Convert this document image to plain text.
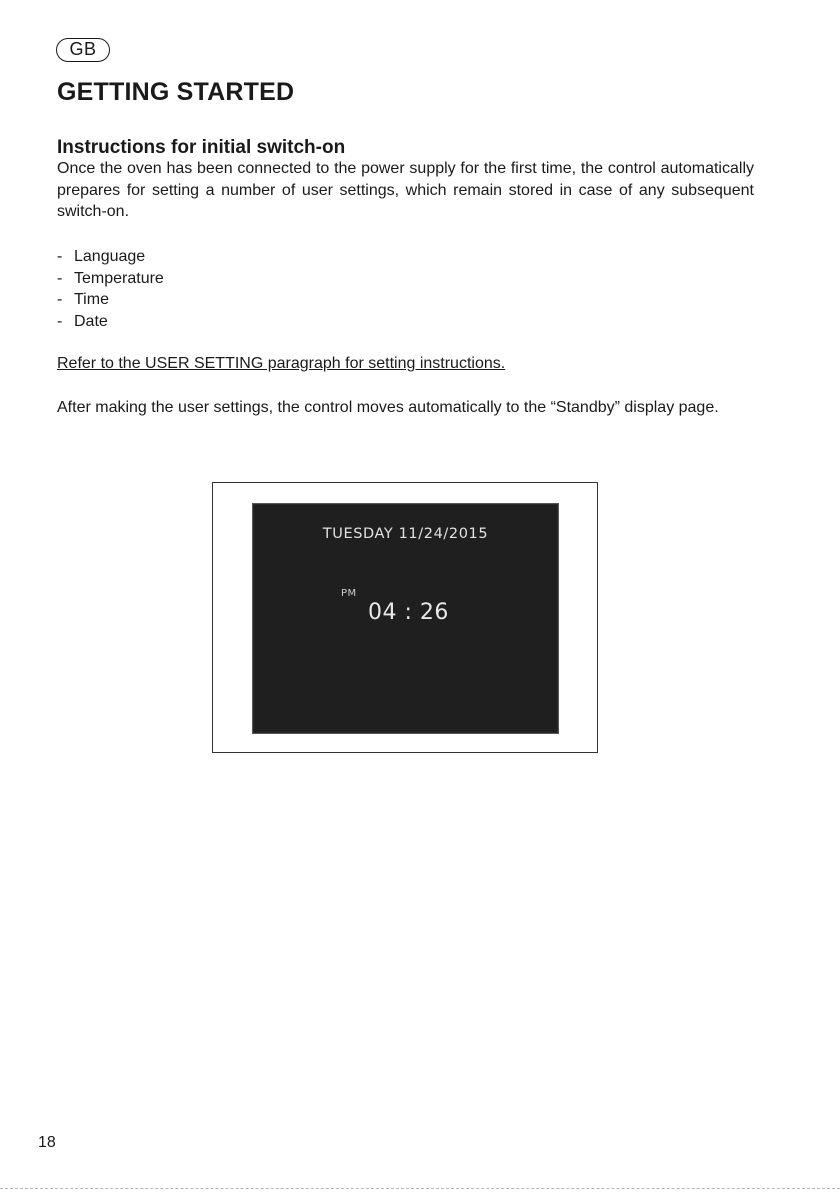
GB
GETTING STARTED
Instructions for initial switch-on

Once the oven has been connected to the power supply for the first time, the control automatically prepares for setting a number of user settings, which remain stored in case of any subsequent switch-on.

- Language
- Temperature
- Time
- Date

Refer to the USER SETTING paragraph for setting instructions.

After making the user settings, the control moves automatically to the “Standby” display page.

TUESDAY 11/24/2015
PM
04 : 26
18
